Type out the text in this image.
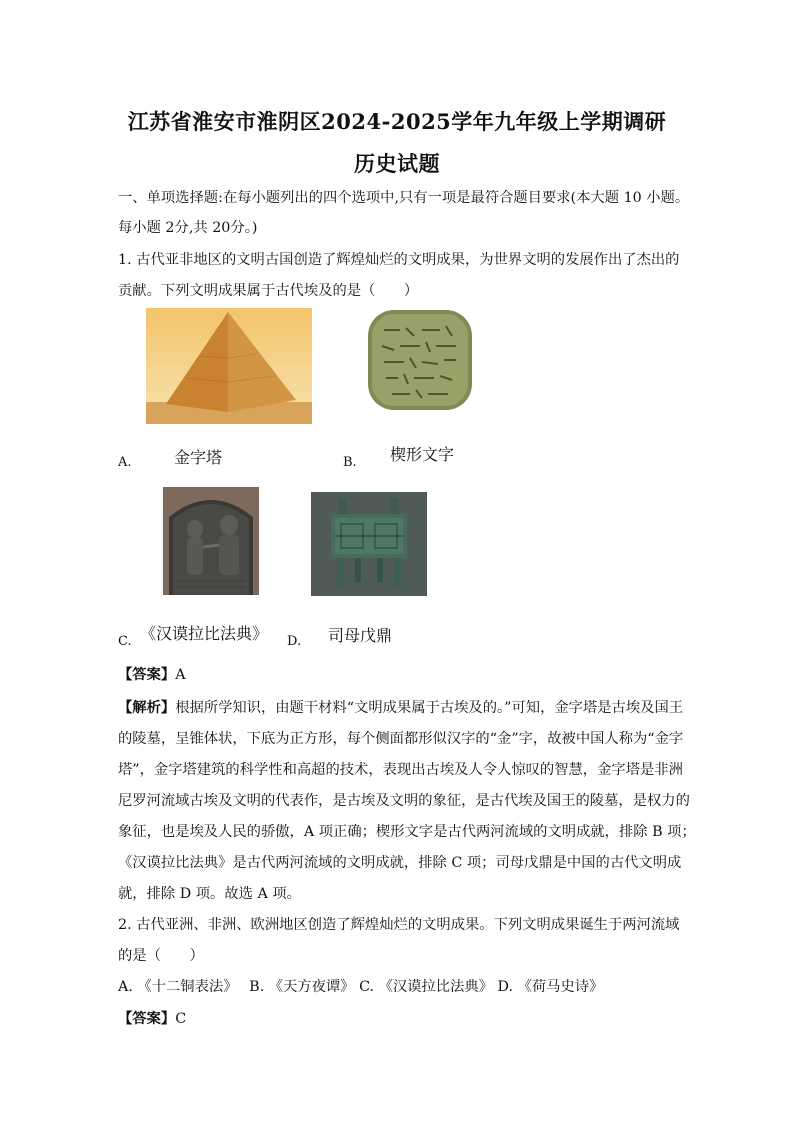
江苏省淮安市淮阴区2024-2025学年九年级上学期调研
历史试题
一、单项选择题:在每小题列出的四个选项中,只有一项是最符合题目要求(本大题 10 小题。
每小题 2分,共 20分。)
1. 古代亚非地区的文明古国创造了辉煌灿烂的文明成果，为世界文明的发展作出了杰出的
贡献。下列文明成果属于古代埃及的是（　　）
A.	金字塔	B. 楔形文字
C. 《汉谟拉比法典》 D. 司母戊鼎
【答案】A
【解析】根据所学知识，由题干材料“文明成果属于古埃及的。”可知，金字塔是古埃及国王
的陵墓，呈锥体状，下底为正方形，每个侧面都形似汉字的“金”字，故被中国人称为“金字
塔”，金字塔建筑的科学性和高超的技术，表现出古埃及人令人惊叹的智慧，金字塔是非洲
尼罗河流域古埃及文明的代表作，是古埃及文明的象征，是古代埃及国王的陵墓，是权力的
象征，也是埃及人民的骄傲，A 项正确；楔形文字是古代两河流域的文明成就，排除 B 项；
《汉谟拉比法典》是古代两河流域的文明成就，排除 C 项；司母戊鼎是中国的古代文明成
就，排除 D 项。故选 A 项。
2. 古代亚洲、非洲、欧洲地区创造了辉煌灿烂的文明成果。下列文明成果诞生于两河流域
的是（　　）
A. 《十二铜表法》　 B. 《天方夜谭》 C. 《汉谟拉比法典》 D. 《荷马史诗》
【答案】C
